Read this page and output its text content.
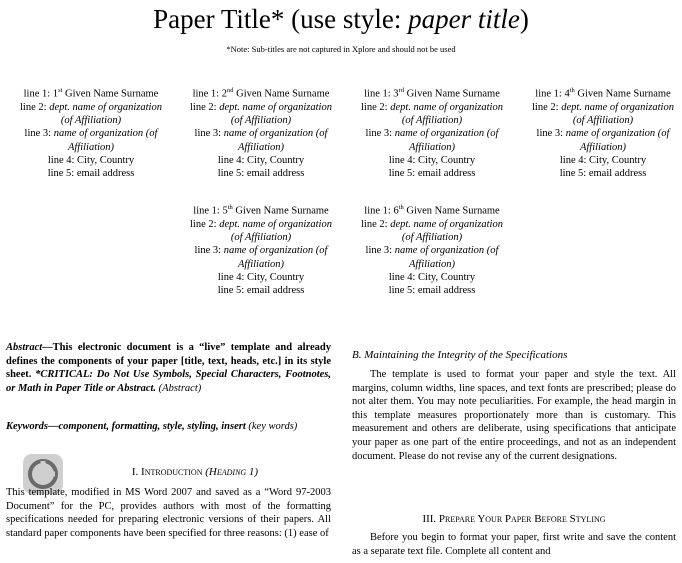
Paper Title* (use style: paper title)
*Note: Sub-titles are not captured in Xplore and should not be used
line 1: 1st Given Name Surname
line 2: dept. name of organization
(of Affiliation)
line 3: name of organization (of
Affiliation)
line 4: City, Country
line 5: email address
line 1: 2nd Given Name Surname
line 2: dept. name of organization
(of Affiliation)
line 3: name of organization (of
Affiliation)
line 4: City, Country
line 5: email address
line 1: 3rd Given Name Surname
line 2: dept. name of organization
(of Affiliation)
line 3: name of organization (of
Affiliation)
line 4: City, Country
line 5: email address
line 1: 4th Given Name Surname
line 2: dept. name of organization
(of Affiliation)
line 3: name of organization (of
Affiliation)
line 4: City, Country
line 5: email address
line 1: 5th Given Name Surname
line 2: dept. name of organization
(of Affiliation)
line 3: name of organization (of
Affiliation)
line 4: City, Country
line 5: email address
line 1: 6th Given Name Surname
line 2: dept. name of organization
(of Affiliation)
line 3: name of organization (of
Affiliation)
line 4: City, Country
line 5: email address
Abstract—This electronic document is a “live” template and already defines the components of your paper [title, text, heads, etc.] in its style sheet. *CRITICAL: Do Not Use Symbols, Special Characters, Footnotes, or Math in Paper Title or Abstract. (Abstract)
Keywords—component, formatting, style, styling, insert (key words)
I. Introduction (Heading 1)
This template, modified in MS Word 2007 and saved as a “Word 97-2003 Document” for the PC, provides authors with most of the formatting specifications needed for preparing electronic versions of their papers. All standard paper components have been specified for three reasons: (1) ease of
B. Maintaining the Integrity of the Specifications
The template is used to format your paper and style the text. All margins, column widths, line spaces, and text fonts are prescribed; please do not alter them. You may note peculiarities. For example, the head margin in this template measures proportionately more than is customary. This measurement and others are deliberate, using specifications that anticipate your paper as one part of the entire proceedings, and not as an independent document. Please do not revise any of the current designations.
III. Prepare Your Paper Before Styling
Before you begin to format your paper, first write and save the content as a separate text file. Complete all content and
